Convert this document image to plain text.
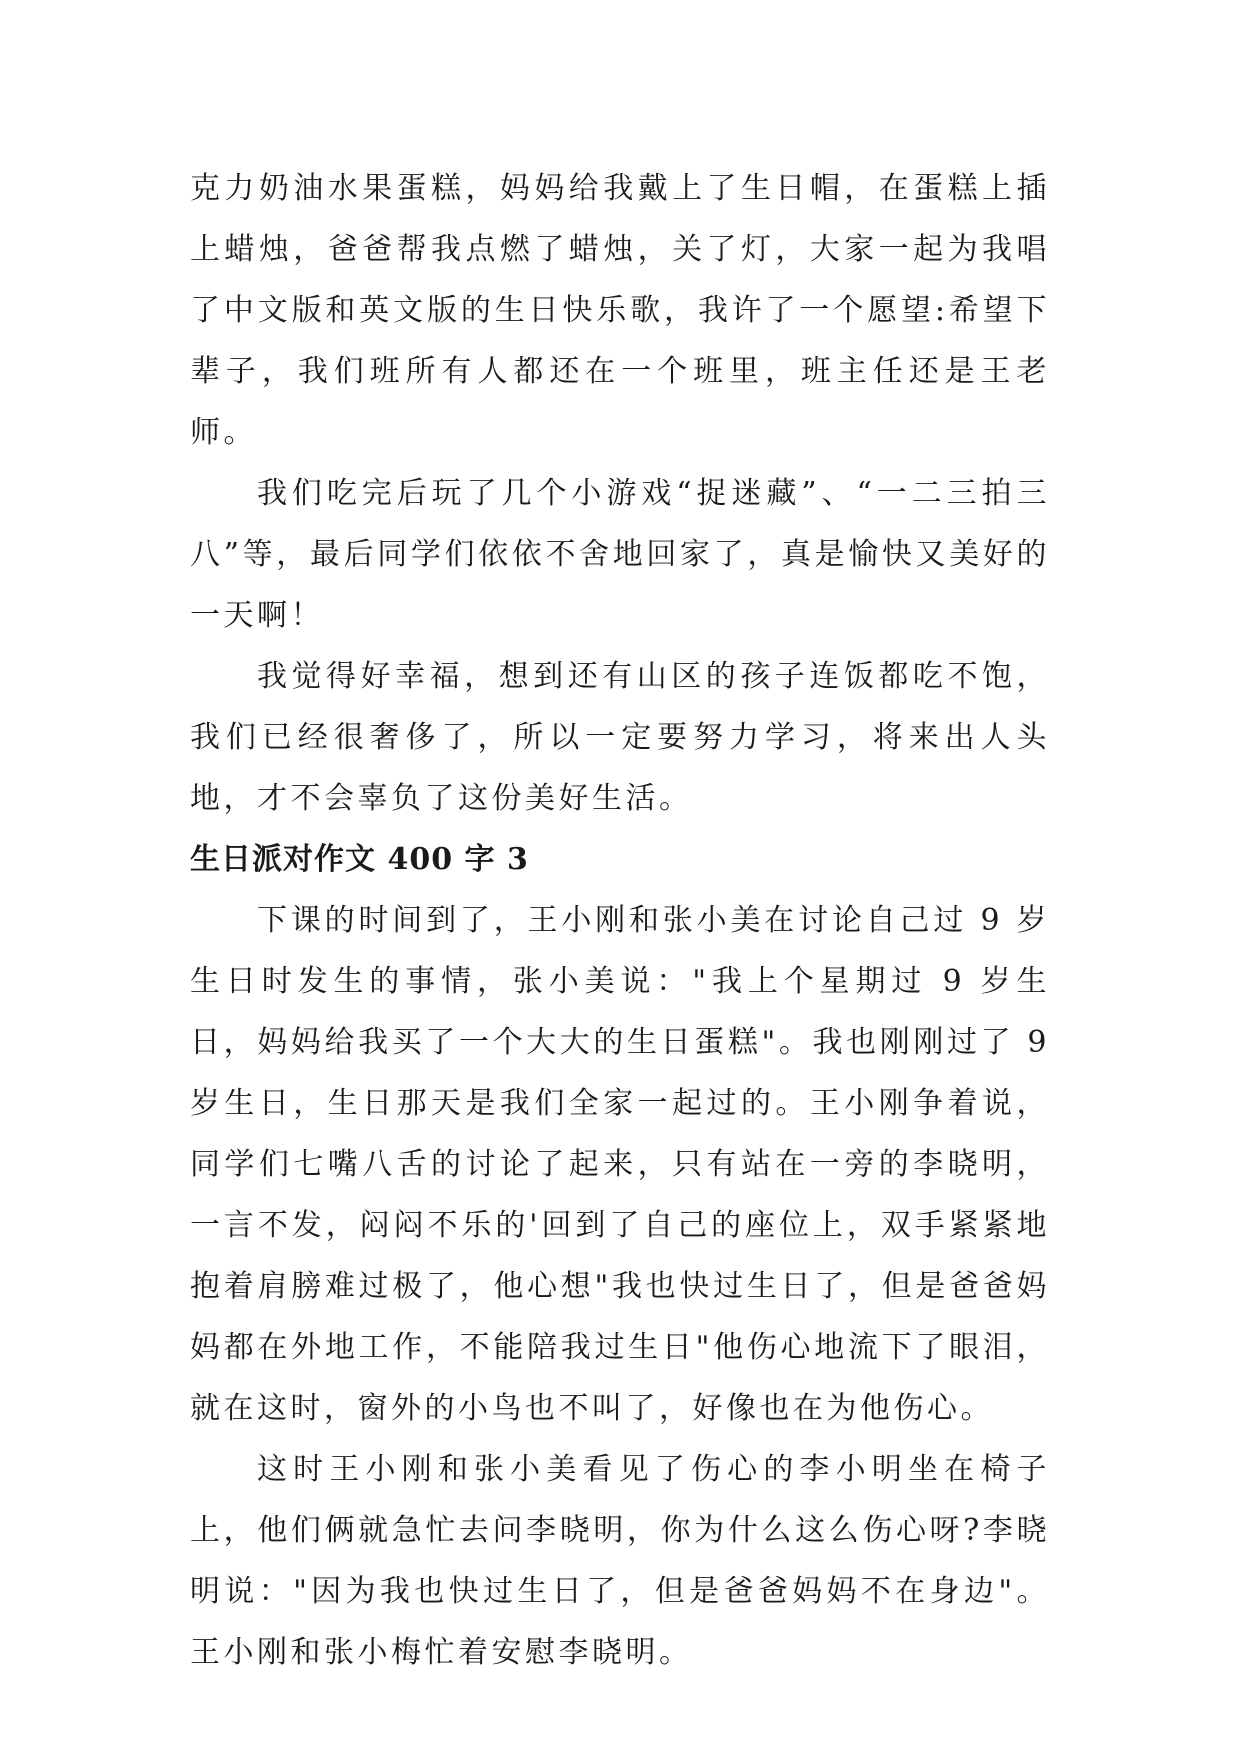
克力奶油水果蛋糕，妈妈给我戴上了生日帽，在蛋糕上插上蜡烛，爸爸帮我点燃了蜡烛，关了灯，大家一起为我唱了中文版和英文版的生日快乐歌，我许了一个愿望:希望下辈子，我们班所有人都还在一个班里，班主任还是王老师。

我们吃完后玩了几个小游戏“捉迷藏”、“一二三拍三八”等，最后同学们依依不舍地回家了，真是愉快又美好的一天啊！

我觉得好幸福，想到还有山区的孩子连饭都吃不饱，我们已经很奢侈了，所以一定要努力学习，将来出人头地，才不会辜负了这份美好生活。

生日派对作文 400 字 3

下课的时间到了，王小刚和张小美在讨论自己过 9 岁生日时发生的事情，张小美说："我上个星期过 9 岁生日，妈妈给我买了一个大大的生日蛋糕"。我也刚刚过了 9 岁生日，生日那天是我们全家一起过的。王小刚争着说，同学们七嘴八舌的讨论了起来，只有站在一旁的李晓明，一言不发，闷闷不乐的'回到了自己的座位上，双手紧紧地抱着肩膀难过极了，他心想"我也快过生日了，但是爸爸妈妈都在外地工作，不能陪我过生日"他伤心地流下了眼泪，就在这时，窗外的小鸟也不叫了，好像也在为他伤心。

这时王小刚和张小美看见了伤心的李小明坐在椅子上，他们俩就急忙去问李晓明，你为什么这么伤心呀?李晓明说："因为我也快过生日了，但是爸爸妈妈不在身边"。王小刚和张小梅忙着安慰李晓明。
